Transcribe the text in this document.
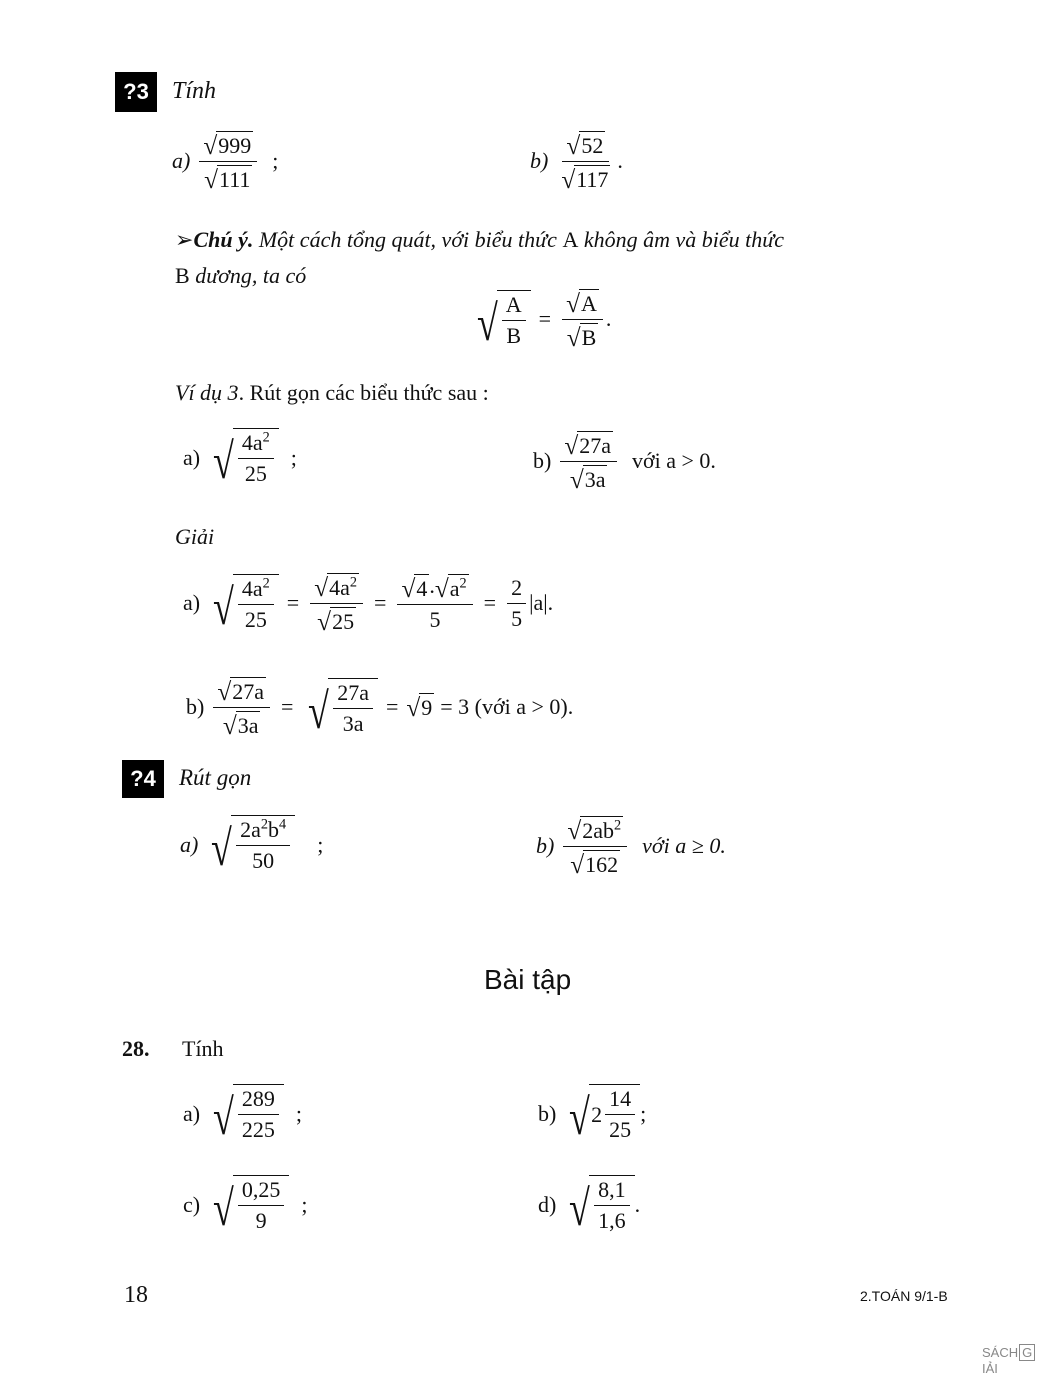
?3 Tính
$a) \frac{√ 999}{√ 111}$ ;	$b) \frac{√ 52}{√ 117}$ .
➢Chú ý. Một cách tổng quát, với biểu thức A không âm và biểu thức
B dương, ta có
√ $\frac{A}{B} = \frac{√ A}{√ B}$ .
Ví dụ 3. Rút gọn các biểu thức sau :
a) √ $\frac{4a^2}{25}$ ;	$b) \frac{√ 27a}{√ 3a}$ với a > 0.
Giải
a) √ $\frac{4a^2}{25} = \frac{√ 4a^2}{√ 25} = \frac{√ 4 . √ a^2}{5} = \frac{2}{5} |a|$ .
$b) \frac{√ 27a}{√ 3a}$ = √ $\frac{27a}{3a}$ = √ 9 = 3 (với a > 0).
?4	Rút gọn
a) √ $\frac{2a^2b^4}{50}$ ;	$b) \frac{√ 2ab^2}{√ 162}$ với a ≥ 0.
Bài tập
28. Tính
a) √ $\frac{289}{225}$ ;	b) √ $2 \frac{14}{25}$ ;
c) √ $\frac{0,25}{9}$ ;	d) √ $\frac{8,1}{1,6}$ .
18	2.TOÁN 9/1-B
SÁCH GIẢI
